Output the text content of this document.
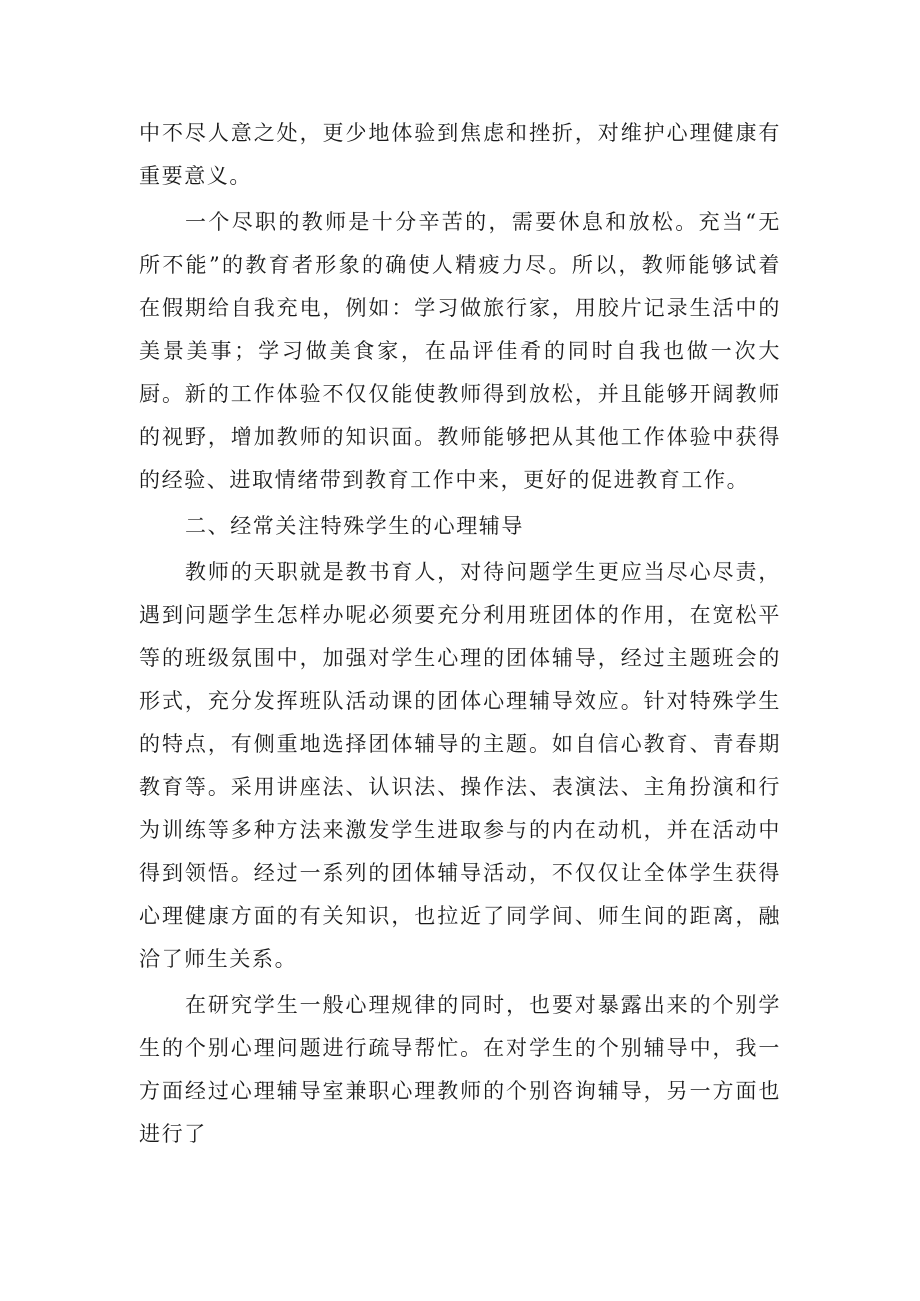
中不尽人意之处，更少地体验到焦虑和挫折，对维护心理健康有重要意义。

一个尽职的教师是十分辛苦的，需要休息和放松。充当“无所不能”的教育者形象的确使人精疲力尽。所以，教师能够试着在假期给自我充电，例如：学习做旅行家，用胶片记录生活中的美景美事；学习做美食家，在品评佳肴的同时自我也做一次大厨。新的工作体验不仅仅能使教师得到放松，并且能够开阔教师的视野，增加教师的知识面。教师能够把从其他工作体验中获得的经验、进取情绪带到教育工作中来，更好的促进教育工作。

二、经常关注特殊学生的心理辅导

教师的天职就是教书育人，对待问题学生更应当尽心尽责，遇到问题学生怎样办呢必须要充分利用班团体的作用，在宽松平等的班级氛围中，加强对学生心理的团体辅导，经过主题班会的形式，充分发挥班队活动课的团体心理辅导效应。针对特殊学生的特点，有侧重地选择团体辅导的主题。如自信心教育、青春期教育等。采用讲座法、认识法、操作法、表演法、主角扮演和行为训练等多种方法来激发学生进取参与的内在动机，并在活动中得到领悟。经过一系列的团体辅导活动，不仅仅让全体学生获得心理健康方面的有关知识，也拉近了同学间、师生间的距离，融洽了师生关系。

在研究学生一般心理规律的同时，也要对暴露出来的个别学生的个别心理问题进行疏导帮忙。在对学生的个别辅导中，我一方面经过心理辅导室兼职心理教师的个别咨询辅导，另一方面也进行了
